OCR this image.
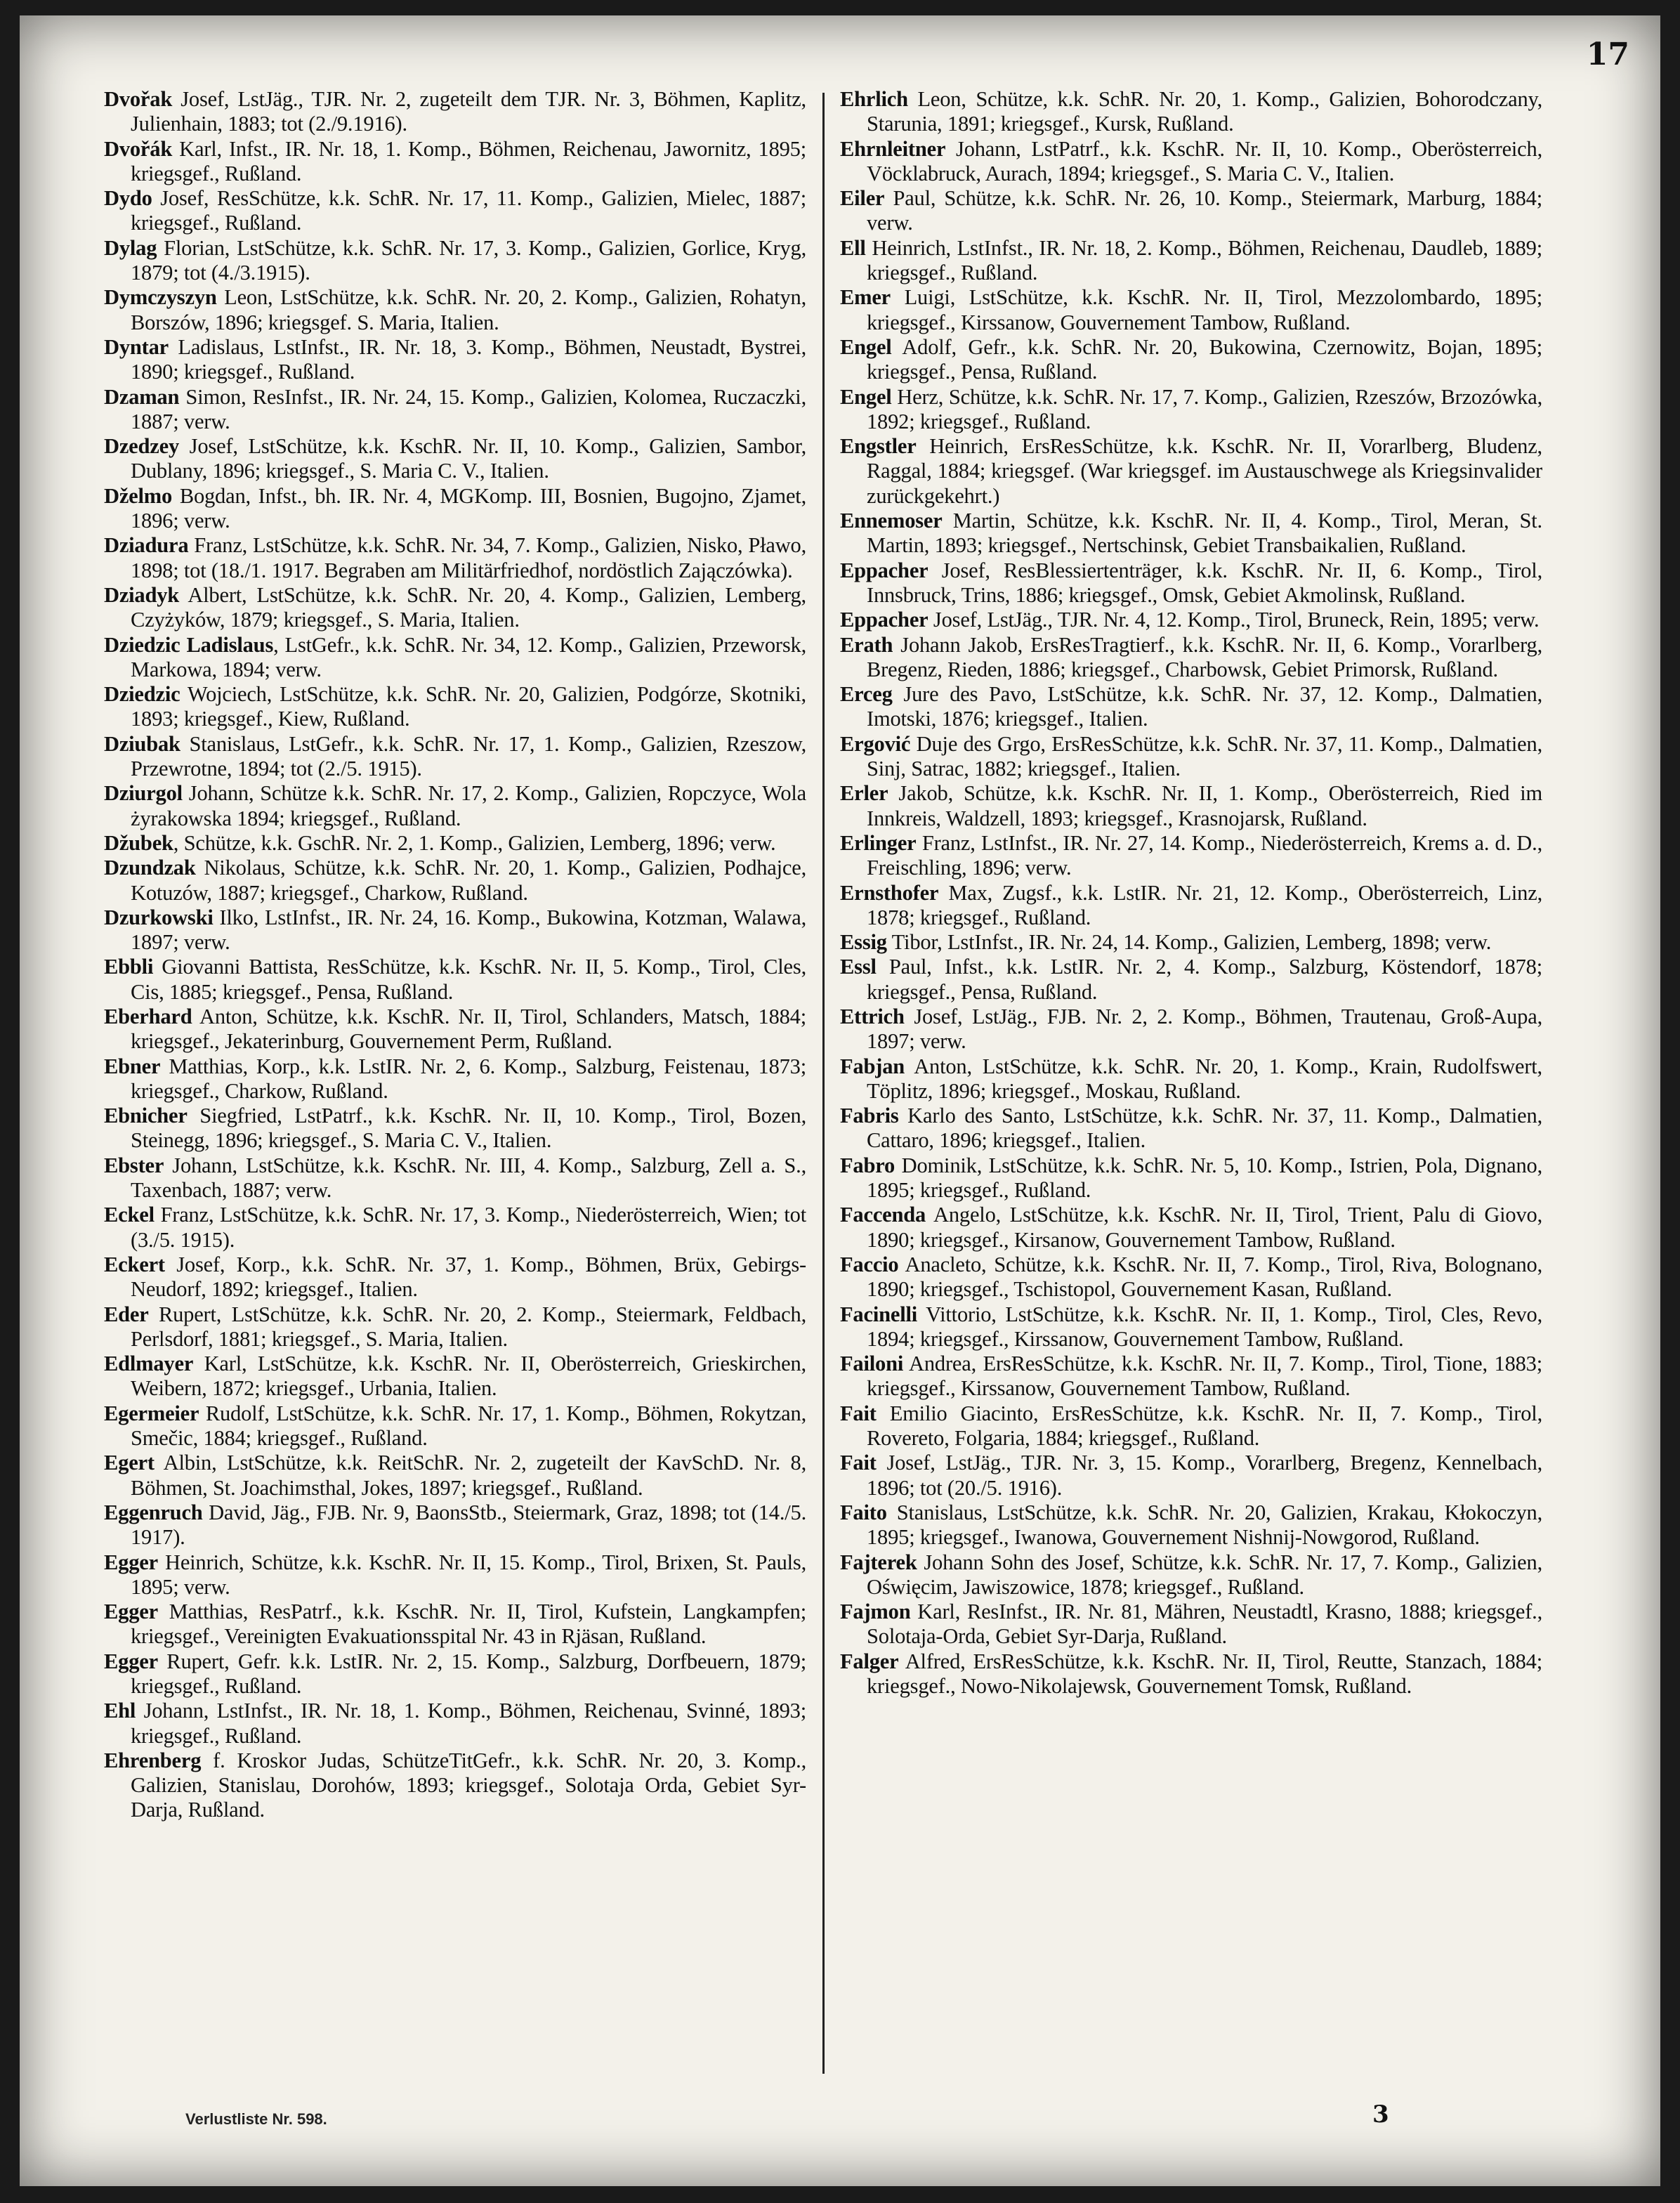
17

Dvořak Josef, LstJäg., TJR. Nr. 2, zugeteilt dem TJR. Nr. 3, Böhmen, Kaplitz, Julienhain, 1883; tot (2./9.1916).

Dvořák Karl, Infst., IR. Nr. 18, 1. Komp., Böhmen, Reichenau, Jawornitz, 1895; kriegsgef., Rußland.

Dydo Josef, ResSchütze, k.k. SchR. Nr. 17, 11. Komp., Galizien, Mielec, 1887; kriegsgef., Rußland.

Dylag Florian, LstSchütze, k.k. SchR. Nr. 17, 3. Komp., Galizien, Gorlice, Kryg, 1879; tot (4./3.1915).

Dymczyszyn Leon, LstSchütze, k.k. SchR. Nr. 20, 2. Komp., Galizien, Rohatyn, Borszów, 1896; kriegsgef. S. Maria, Italien.

Dyntar Ladislaus, LstInfst., IR. Nr. 18, 3. Komp., Böhmen, Neustadt, Bystrei, 1890; kriegsgef., Rußland.

Dzaman Simon, ResInfst., IR. Nr. 24, 15. Komp., Galizien, Kolomea, Ruczaczki, 1887; verw.

Dzedzey Josef, LstSchütze, k.k. KschR. Nr. II, 10. Komp., Galizien, Sambor, Dublany, 1896; kriegsgef., S. Maria C. V., Italien.

Dželmo Bogdan, Infst., bh. IR. Nr. 4, MGKomp. III, Bosnien, Bugojno, Zjamet, 1896; verw.

Dziadura Franz, LstSchütze, k.k. SchR. Nr. 34, 7. Komp., Galizien, Nisko, Pławo, 1898; tot (18./1. 1917. Begraben am Militärfriedhof, nordöstlich Zajączówka).

Dziadyk Albert, LstSchütze, k.k. SchR. Nr. 20, 4. Komp., Galizien, Lemberg, Czyżyków, 1879; kriegsgef., S. Maria, Italien.

Dziedzic Ladislaus, LstGefr., k.k. SchR. Nr. 34, 12. Komp., Galizien, Przeworsk, Markowa, 1894; verw.

Dziedzic Wojciech, LstSchütze, k.k. SchR. Nr. 20, Galizien, Podgórze, Skotniki, 1893; kriegsgef., Kiew, Rußland.

Dziubak Stanislaus, LstGefr., k.k. SchR. Nr. 17, 1. Komp., Galizien, Rzeszow, Przewrotne, 1894; tot (2./5. 1915).

Dziurgol Johann, Schütze k.k. SchR. Nr. 17, 2. Komp., Galizien, Ropczyce, Wola żyrakowska 1894; kriegsgef., Rußland.

Džubek, Schütze, k.k. GschR. Nr. 2, 1. Komp., Galizien, Lemberg, 1896; verw.

Dzundzak Nikolaus, Schütze, k.k. SchR. Nr. 20, 1. Komp., Galizien, Podhajce, Kotuzów, 1887; kriegsgef., Charkow, Rußland.

Dzurkowski Ilko, LstInfst., IR. Nr. 24, 16. Komp., Bukowina, Kotzman, Walawa, 1897; verw.

Ebbli Giovanni Battista, ResSchütze, k.k. KschR. Nr. II, 5. Komp., Tirol, Cles, Cis, 1885; kriegsgef., Pensa, Rußland.

Eberhard Anton, Schütze, k.k. KschR. Nr. II, Tirol, Schlanders, Matsch, 1884; kriegsgef., Jekaterinburg, Gouvernement Perm, Rußland.

Ebner Matthias, Korp., k.k. LstIR. Nr. 2, 6. Komp., Salzburg, Feistenau, 1873; kriegsgef., Charkow, Rußland.

Ebnicher Siegfried, LstPatrf., k.k. KschR. Nr. II, 10. Komp., Tirol, Bozen, Steinegg, 1896; kriegsgef., S. Maria C. V., Italien.

Ebster Johann, LstSchütze, k.k. KschR. Nr. III, 4. Komp., Salzburg, Zell a. S., Taxenbach, 1887; verw.

Eckel Franz, LstSchütze, k.k. SchR. Nr. 17, 3. Komp., Niederösterreich, Wien; tot (3./5. 1915).

Eckert Josef, Korp., k.k. SchR. Nr. 37, 1. Komp., Böhmen, Brüx, Gebirgs-Neudorf, 1892; kriegsgef., Italien.

Eder Rupert, LstSchütze, k.k. SchR. Nr. 20, 2. Komp., Steiermark, Feldbach, Perlsdorf, 1881; kriegsgef., S. Maria, Italien.

Edlmayer Karl, LstSchütze, k.k. KschR. Nr. II, Oberösterreich, Grieskirchen, Weibern, 1872; kriegsgef., Urbania, Italien.

Egermeier Rudolf, LstSchütze, k.k. SchR. Nr. 17, 1. Komp., Böhmen, Rokytzan, Smečic, 1884; kriegsgef., Rußland.

Egert Albin, LstSchütze, k.k. ReitSchR. Nr. 2, zugeteilt der KavSchD. Nr. 8, Böhmen, St. Joachimsthal, Jokes, 1897; kriegsgef., Rußland.

Eggenruch David, Jäg., FJB. Nr. 9, BaonsStb., Steiermark, Graz, 1898; tot (14./5. 1917).

Egger Heinrich, Schütze, k.k. KschR. Nr. II, 15. Komp., Tirol, Brixen, St. Pauls, 1895; verw.

Egger Matthias, ResPatrf., k.k. KschR. Nr. II, Tirol, Kufstein, Langkampfen; kriegsgef., Vereinigten Evakuationsspital Nr. 43 in Rjäsan, Rußland.

Egger Rupert, Gefr. k.k. LstIR. Nr. 2, 15. Komp., Salzburg, Dorfbeuern, 1879; kriegsgef., Rußland.

Ehl Johann, LstInfst., IR. Nr. 18, 1. Komp., Böhmen, Reichenau, Svinné, 1893; kriegsgef., Rußland.

Ehrenberg f. Kroskor Judas, SchützeTitGefr., k.k. SchR. Nr. 20, 3. Komp., Galizien, Stanislau, Dorohów, 1893; kriegsgef., Solotaja Orda, Gebiet Syr-Darja, Rußland.

Ehrlich Leon, Schütze, k.k. SchR. Nr. 20, 1. Komp., Galizien, Bohorodczany, Starunia, 1891; kriegsgef., Kursk, Rußland.

Ehrnleitner Johann, LstPatrf., k.k. KschR. Nr. II, 10. Komp., Oberösterreich, Vöcklabruck, Aurach, 1894; kriegsgef., S. Maria C. V., Italien.

Eiler Paul, Schütze, k.k. SchR. Nr. 26, 10. Komp., Steiermark, Marburg, 1884; verw.

Ell Heinrich, LstInfst., IR. Nr. 18, 2. Komp., Böhmen, Reichenau, Daudleb, 1889; kriegsgef., Rußland.

Emer Luigi, LstSchütze, k.k. KschR. Nr. II, Tirol, Mezzolombardo, 1895; kriegsgef., Kirssanow, Gouvernement Tambow, Rußland.

Engel Adolf, Gefr., k.k. SchR. Nr. 20, Bukowina, Czernowitz, Bojan, 1895; kriegsgef., Pensa, Rußland.

Engel Herz, Schütze, k.k. SchR. Nr. 17, 7. Komp., Galizien, Rzeszów, Brzozówka, 1892; kriegsgef., Rußland.

Engstler Heinrich, ErsResSchütze, k.k. KschR. Nr. II, Vorarlberg, Bludenz, Raggal, 1884; kriegsgef. (War kriegsgef. im Austauschwege als Kriegsinvalider zurückgekehrt.)

Ennemoser Martin, Schütze, k.k. KschR. Nr. II, 4. Komp., Tirol, Meran, St. Martin, 1893; kriegsgef., Nertschinsk, Gebiet Transbaikalien, Rußland.

Eppacher Josef, ResBlessiertenträger, k.k. KschR. Nr. II, 6. Komp., Tirol, Innsbruck, Trins, 1886; kriegsgef., Omsk, Gebiet Akmolinsk, Rußland.

Eppacher Josef, LstJäg., TJR. Nr. 4, 12. Komp., Tirol, Bruneck, Rein, 1895; verw.

Erath Johann Jakob, ErsResTragtierf., k.k. KschR. Nr. II, 6. Komp., Vorarlberg, Bregenz, Rieden, 1886; kriegsgef., Charbowsk, Gebiet Primorsk, Rußland.

Erceg Jure des Pavo, LstSchütze, k.k. SchR. Nr. 37, 12. Komp., Dalmatien, Imotski, 1876; kriegsgef., Italien.

Ergović Duje des Grgo, ErsResSchütze, k.k. SchR. Nr. 37, 11. Komp., Dalmatien, Sinj, Satrac, 1882; kriegsgef., Italien.

Erler Jakob, Schütze, k.k. KschR. Nr. II, 1. Komp., Oberösterreich, Ried im Innkreis, Waldzell, 1893; kriegsgef., Krasnojarsk, Rußland.

Erlinger Franz, LstInfst., IR. Nr. 27, 14. Komp., Niederösterreich, Krems a. d. D., Freischling, 1896; verw.

Ernsthofer Max, Zugsf., k.k. LstIR. Nr. 21, 12. Komp., Oberösterreich, Linz, 1878; kriegsgef., Rußland.

Essig Tibor, LstInfst., IR. Nr. 24, 14. Komp., Galizien, Lemberg, 1898; verw.

Essl Paul, Infst., k.k. LstIR. Nr. 2, 4. Komp., Salzburg, Köstendorf, 1878; kriegsgef., Pensa, Rußland.

Ettrich Josef, LstJäg., FJB. Nr. 2, 2. Komp., Böhmen, Trautenau, Groß-Aupa, 1897; verw.

Fabjan Anton, LstSchütze, k.k. SchR. Nr. 20, 1. Komp., Krain, Rudolfswert, Töplitz, 1896; kriegsgef., Moskau, Rußland.

Fabris Karlo des Santo, LstSchütze, k.k. SchR. Nr. 37, 11. Komp., Dalmatien, Cattaro, 1896; kriegsgef., Italien.

Fabro Dominik, LstSchütze, k.k. SchR. Nr. 5, 10. Komp., Istrien, Pola, Dignano, 1895; kriegsgef., Rußland.

Faccenda Angelo, LstSchütze, k.k. KschR. Nr. II, Tirol, Trient, Palu di Giovo, 1890; kriegsgef., Kirsanow, Gouvernement Tambow, Rußland.

Faccio Anacleto, Schütze, k.k. KschR. Nr. II, 7. Komp., Tirol, Riva, Bolognano, 1890; kriegsgef., Tschistopol, Gouvernement Kasan, Rußland.

Facinelli Vittorio, LstSchütze, k.k. KschR. Nr. II, 1. Komp., Tirol, Cles, Revo, 1894; kriegsgef., Kirssanow, Gouvernement Tambow, Rußland.

Failoni Andrea, ErsResSchütze, k.k. KschR. Nr. II, 7. Komp., Tirol, Tione, 1883; kriegsgef., Kirssanow, Gouvernement Tambow, Rußland.

Fait Emilio Giacinto, ErsResSchütze, k.k. KschR. Nr. II, 7. Komp., Tirol, Rovereto, Folgaria, 1884; kriegsgef., Rußland.

Fait Josef, LstJäg., TJR. Nr. 3, 15. Komp., Vorarlberg, Bregenz, Kennelbach, 1896; tot (20./5. 1916).

Faito Stanislaus, LstSchütze, k.k. SchR. Nr. 20, Galizien, Krakau, Kłokoczyn, 1895; kriegsgef., Iwanowa, Gouvernement Nishnij-Nowgorod, Rußland.

Fajterek Johann Sohn des Josef, Schütze, k.k. SchR. Nr. 17, 7. Komp., Galizien, Oświęcim, Jawiszowice, 1878; kriegsgef., Rußland.

Fajmon Karl, ResInfst., IR. Nr. 81, Mähren, Neustadtl, Krasno, 1888; kriegsgef., Solotaja-Orda, Gebiet Syr-Darja, Rußland.

Falger Alfred, ErsResSchütze, k.k. KschR. Nr. II, Tirol, Reutte, Stanzach, 1884; kriegsgef., Nowo-Nikolajewsk, Gouvernement Tomsk, Rußland.

Verlustliste Nr. 598.	3
